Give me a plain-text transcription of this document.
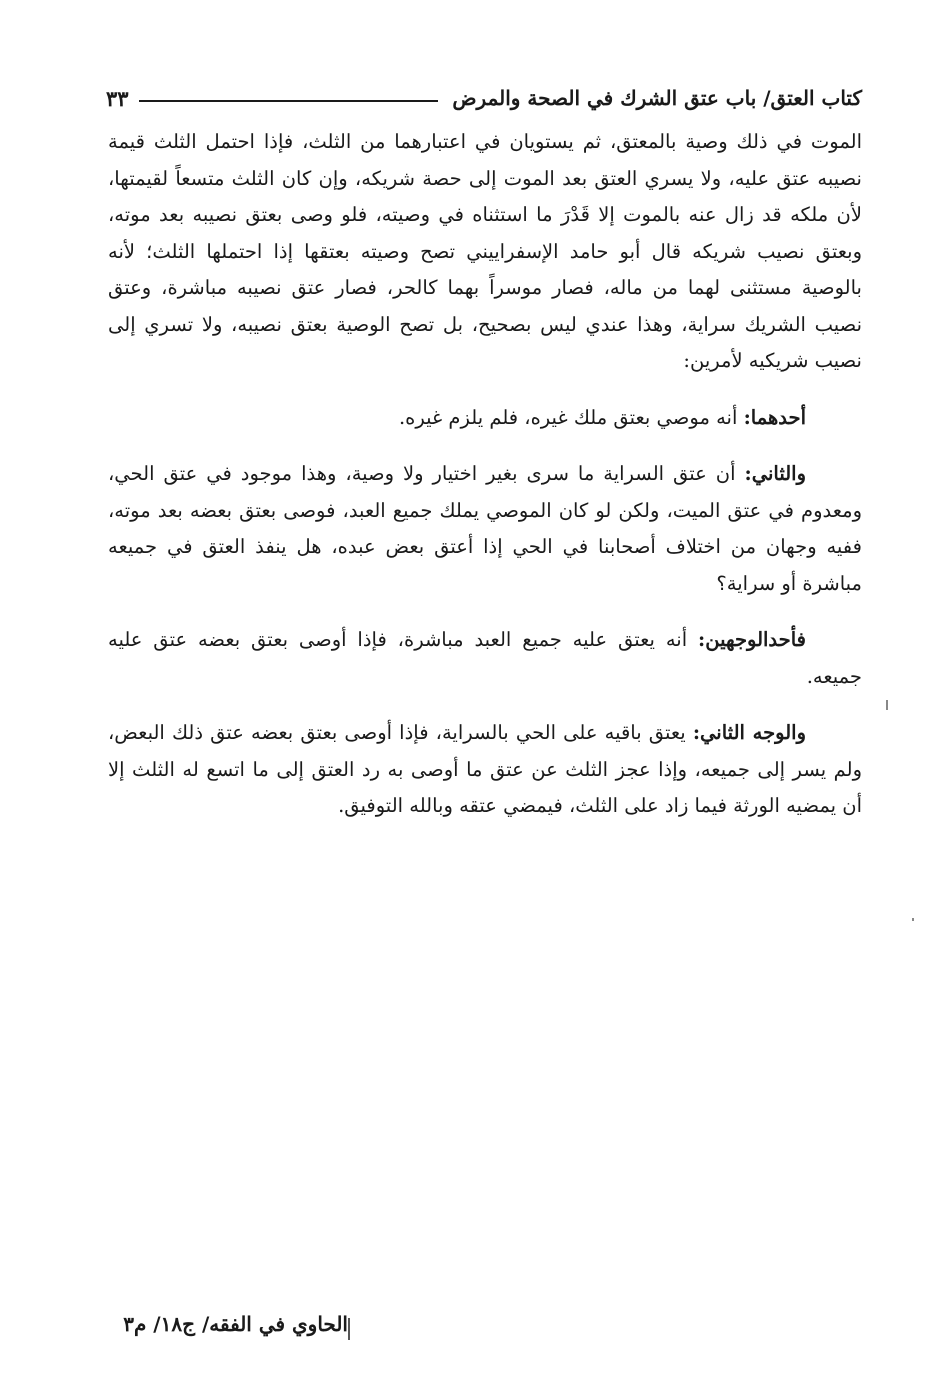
كتاب العتق/ باب عتق الشرك في الصحة والمرض
٣٣

الموت في ذلك وصية بالمعتق، ثم يستويان في اعتبارهما من الثلث، فإذا احتمل الثلث قيمة نصيبه عتق عليه، ولا يسري العتق بعد الموت إلى حصة شريكه، وإن كان الثلث متسعاً لقيمتها، لأن ملكه قد زال عنه بالموت إلا قَدْرَ ما استثناه في وصيته، فلو وصى بعتق نصيبه بعد موته، وبعتق نصيب شريكه قال أبو حامد الإسفراييني تصح وصيته بعتقها إذا احتملها الثلث؛ لأنه بالوصية مستثنى لهما من ماله، فصار موسراً بهما كالحر، فصار عتق نصيبه مباشرة، وعتق نصيب الشريك سراية، وهذا عندي ليس بصحيح، بل تصح الوصية بعتق نصيبه، ولا تسري إلى نصيب شريكيه لأمرين:

أحدهما: أنه موصي بعتق ملك غيره، فلم يلزم غيره.

والثاني: أن عتق السراية ما سرى بغير اختيار ولا وصية، وهذا موجود في عتق الحي، ومعدوم في عتق الميت، ولكن لو كان الموصي يملك جميع العبد، فوصى بعتق بعضه بعد موته، ففيه وجهان من اختلاف أصحابنا في الحي إذا أعتق بعض عبده، هل ينفذ العتق في جميعه مباشرة أو سراية؟

فأحدالوجهين: أنه يعتق عليه جميع العبد مباشرة، فإذا أوصى بعتق بعضه عتق عليه جميعه.

والوجه الثاني: يعتق باقيه على الحي بالسراية، فإذا أوصى بعتق بعضه عتق ذلك البعض، ولم يسر إلى جميعه، وإذا عجز الثلث عن عتق ما أوصى به رد العتق إلى ما اتسع له الثلث إلا أن يمضيه الورثة فيما زاد على الثلث، فيمضي عتقه وبالله التوفيق.

الحاوي في الفقه/ ج١٨/ م٣
